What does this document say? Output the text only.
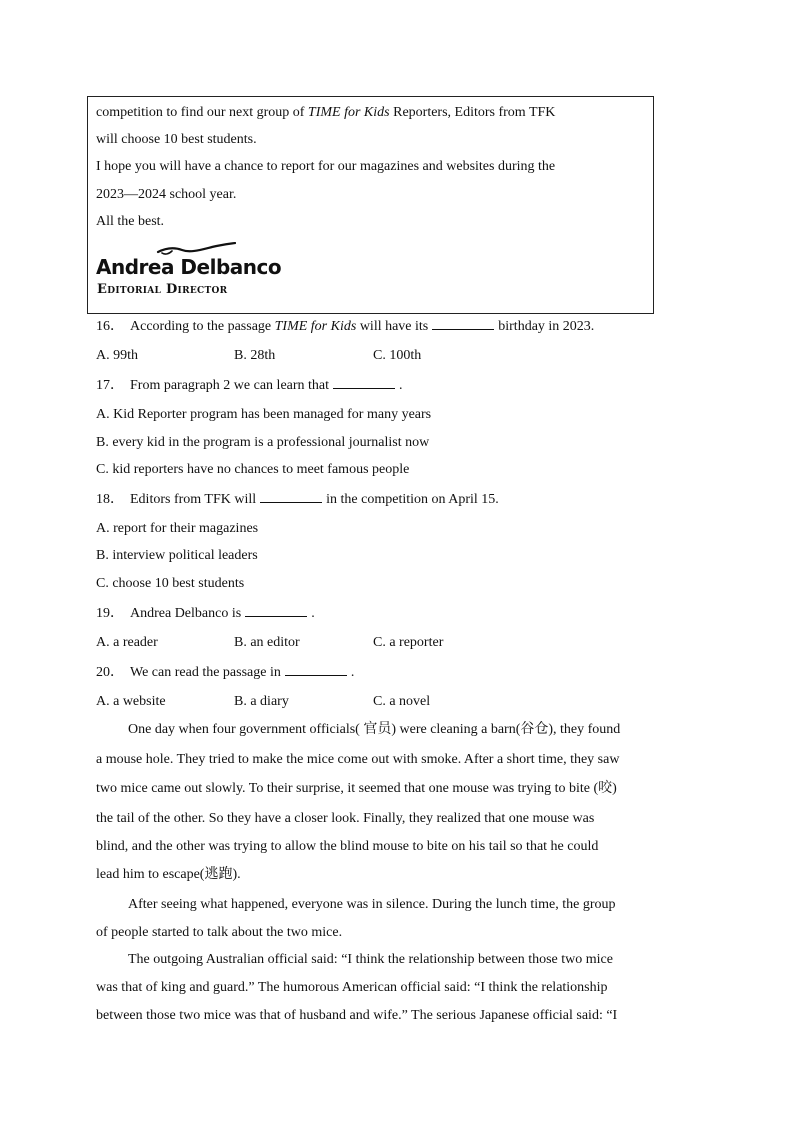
competition to find our next group of TIME for Kids Reporters, Editors from TFK
will choose 10 best students.
I hope you will have a chance to report for our magazines and websites during the
2023—2024 school year.
All the best.
Andrea Delbanco
Editorial Director
16． According to the passage TIME for Kids will have its	birthday in 2023.
A. 99th	B. 28th	C. 100th
17． From paragraph 2 we can learn that	.
A. Kid Reporter program has been managed for many years
B. every kid in the program is a professional journalist now
C. kid reporters have no chances to meet famous people
18． Editors from TFK will	in the competition on April 15.
A. report for their magazines
B. interview political leaders
C. choose 10 best students
19． Andrea Delbanco is	.
A. a reader	B. an editor	C. a reporter
20． We can read the passage in	.
A. a website	B. a diary	C. a novel
One day when four government officials( 官员) were cleaning a barn(谷仓), they found
a mouse hole. They tried to make the mice come out with smoke. After a short time, they saw
two mice came out slowly. To their surprise, it seemed that one mouse was trying to bite (咬)
the tail of the other. So they have a closer look. Finally, they realized that one mouse was
blind, and the other was trying to allow the blind mouse to bite on his tail so that he could
lead him to escape(逃跑).
After seeing what happened, everyone was in silence. During the lunch time, the group
of people started to talk about the two mice.
The outgoing Australian official said: “I think the relationship between those two mice
was that of king and guard.” The humorous American official said: “I think the relationship
between those two mice was that of husband and wife.” The serious Japanese official said: “I
